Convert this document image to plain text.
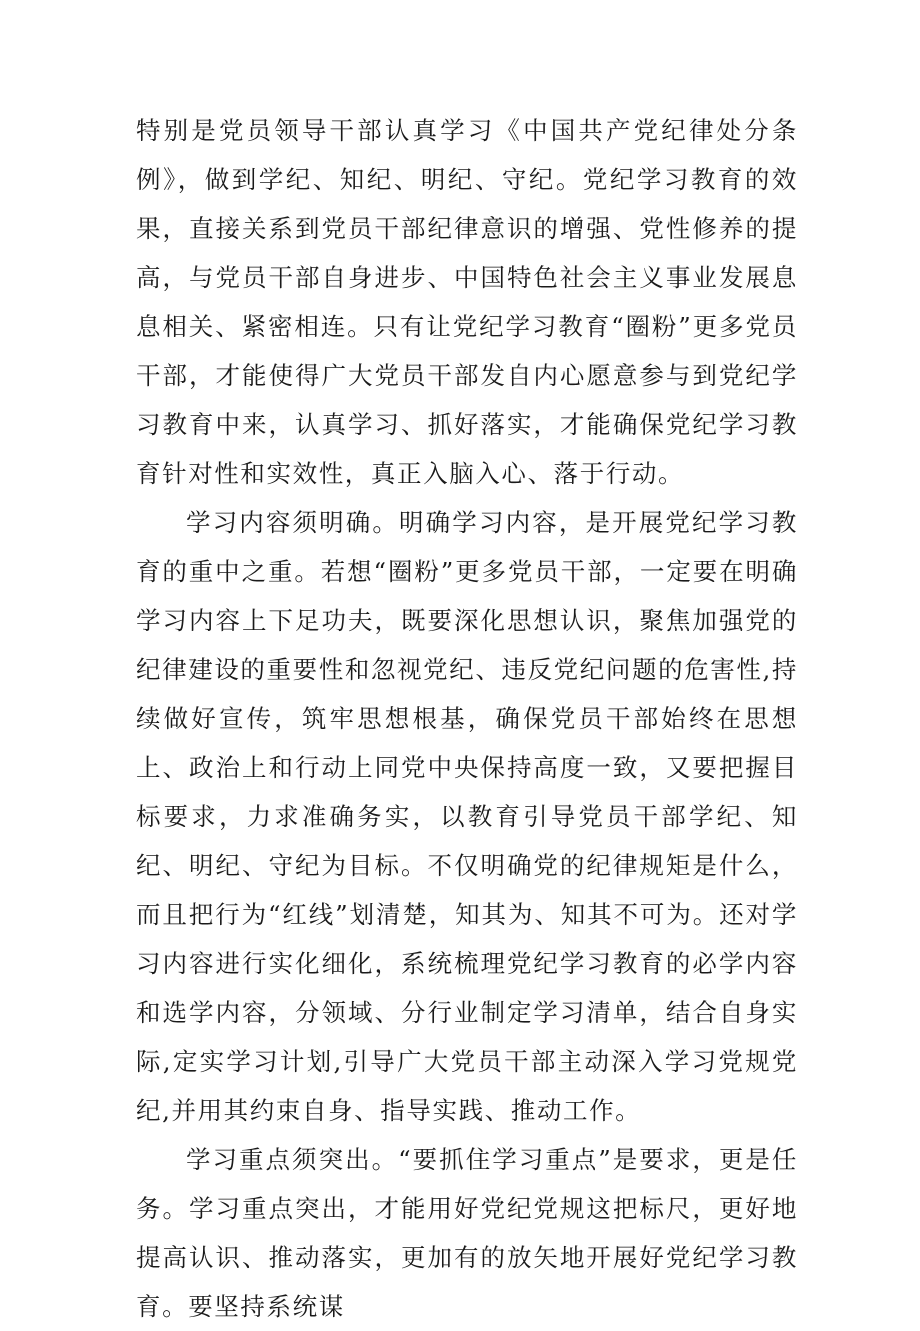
特别是党员领导干部认真学习《中国共产党纪律处分条例》，做到学纪、知纪、明纪、守纪。党纪学习教育的效果，直接关系到党员干部纪律意识的增强、党性修养的提高，与党员干部自身进步、中国特色社会主义事业发展息息相关、紧密相连。只有让党纪学习教育“圈粉”更多党员干部，才能使得广大党员干部发自内心愿意参与到党纪学习教育中来，认真学习、抓好落实，才能确保党纪学习教育针对性和实效性，真正入脑入心、落于行动。

学习内容须明确。明确学习内容，是开展党纪学习教育的重中之重。若想“圈粉”更多党员干部，一定要在明确学习内容上下足功夫，既要深化思想认识，聚焦加强党的纪律建设的重要性和忽视党纪、违反党纪问题的危害性,持续做好宣传，筑牢思想根基，确保党员干部始终在思想上、政治上和行动上同党中央保持高度一致，又要把握目标要求，力求准确务实，以教育引导党员干部学纪、知纪、明纪、守纪为目标。不仅明确党的纪律规矩是什么，而且把行为“红线”划清楚，知其为、知其不可为。还对学习内容进行实化细化，系统梳理党纪学习教育的必学内容和选学内容，分领域、分行业制定学习清单，结合自身实际,定实学习计划,引导广大党员干部主动深入学习党规党纪,并用其约束自身、指导实践、推动工作。

学习重点须突出。“要抓住学习重点”是要求，更是任务。学习重点突出，才能用好党纪党规这把标尺，更好地提高认识、推动落实，更加有的放矢地开展好党纪学习教育。要坚持系统谋
